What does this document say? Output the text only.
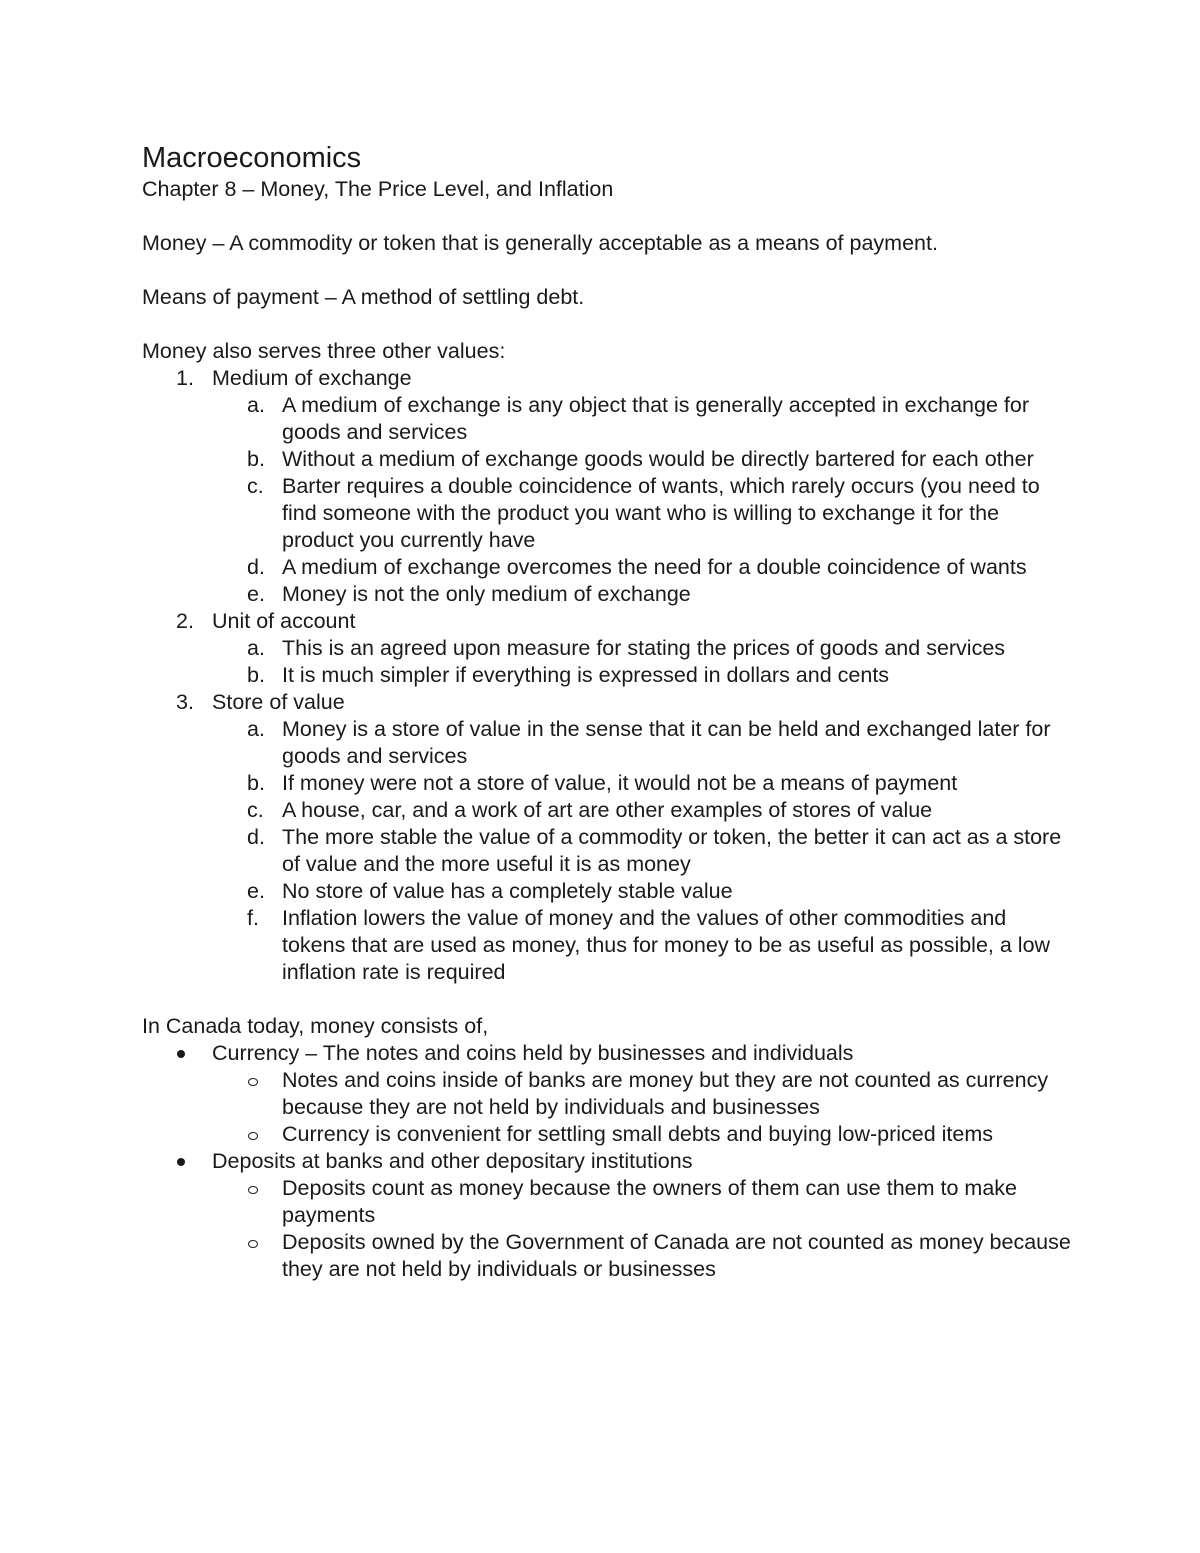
Macroeconomics

Chapter 8 – Money, The Price Level, and Inflation

Money – A commodity or token that is generally acceptable as a means of payment.

Means of payment – A method of settling debt.

Money also serves three other values:

1. Medium of exchange
a. A medium of exchange is any object that is generally accepted in exchange for goods and services
b. Without a medium of exchange goods would be directly bartered for each other
c. Barter requires a double coincidence of wants, which rarely occurs (you need to find someone with the product you want who is willing to exchange it for the product you currently have
d. A medium of exchange overcomes the need for a double coincidence of wants
e. Money is not the only medium of exchange
2. Unit of account
a. This is an agreed upon measure for stating the prices of goods and services
b. It is much simpler if everything is expressed in dollars and cents
3. Store of value
a. Money is a store of value in the sense that it can be held and exchanged later for goods and services
b. If money were not a store of value, it would not be a means of payment
c. A house, car, and a work of art are other examples of stores of value
d. The more stable the value of a commodity or token, the better it can act as a store of value and the more useful it is as money
e. No store of value has a completely stable value
f. Inflation lowers the value of money and the values of other commodities and tokens that are used as money, thus for money to be as useful as possible, a low inflation rate is required

In Canada today, money consists of,

Currency – The notes and coins held by businesses and individuals
Notes and coins inside of banks are money but they are not counted as currency because they are not held by individuals and businesses
Currency is convenient for settling small debts and buying low-priced items
Deposits at banks and other depositary institutions
Deposits count as money because the owners of them can use them to make payments
Deposits owned by the Government of Canada are not counted as money because they are not held by individuals or businesses
